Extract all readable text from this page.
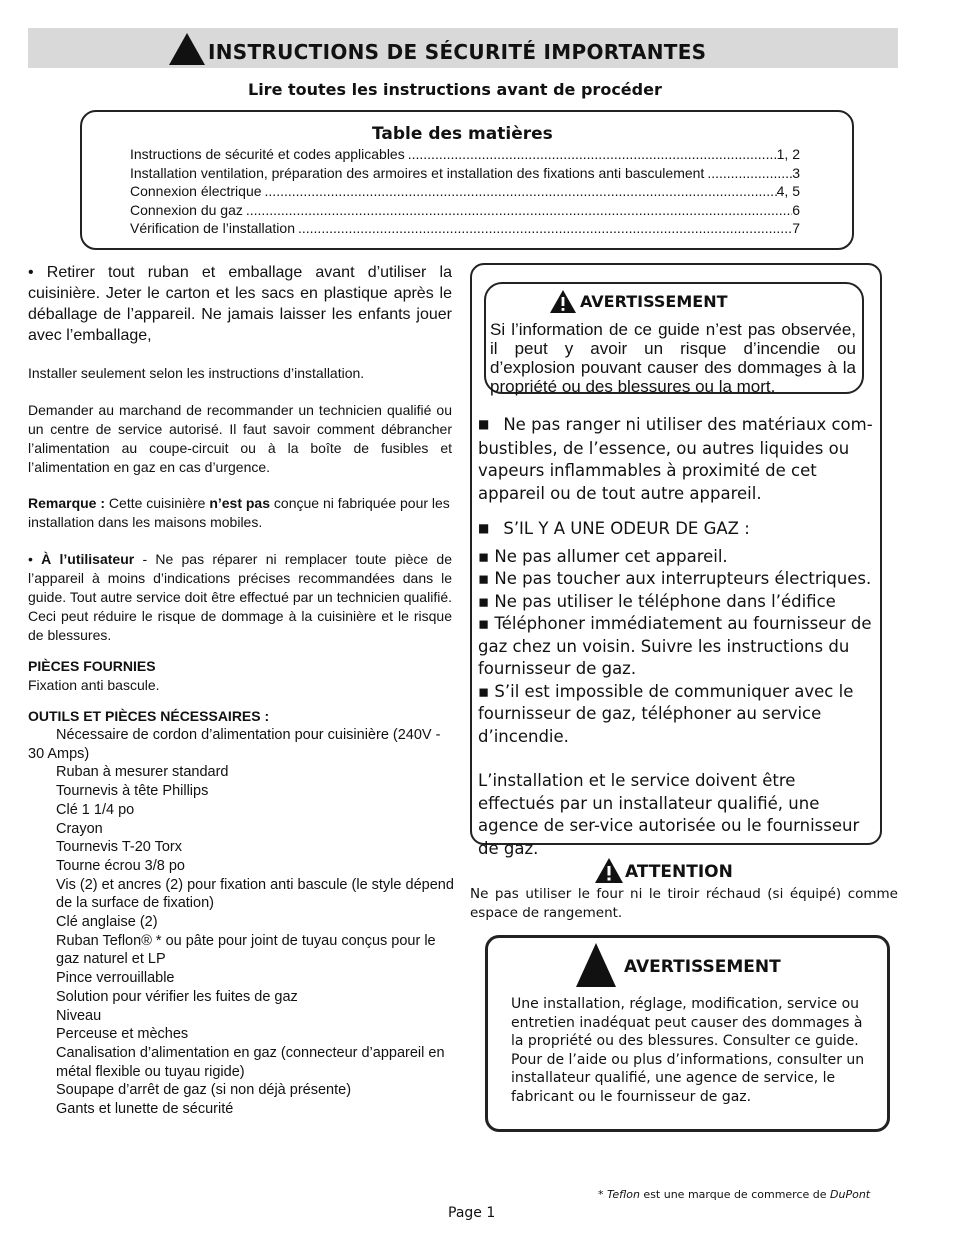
INSTRUCTIONS DE SÉCURITÉ IMPORTANTES
Lire toutes les instructions avant de procéder
Table des matières
Instructions de sécurité et codes applicables .....	1, 2
Installation ventilation, préparation des armoires et installation des fixations anti basculement .....	3
Connexion électrique .....	4, 5
Connexion du gaz .....	6
Vérification de l’installation .....	7
• Retirer tout ruban et emballage avant d’utiliser la cuisinière. Jeter le carton et les sacs en plastique après le déballage de l’appareil. Ne jamais laisser les enfants jouer avec l’emballage,
Installer seulement selon les instructions d’installation.
Demander au marchand de recommander un technicien qualifié ou un centre de service autorisé. Il faut savoir comment débrancher l’alimentation au coupe-circuit ou à la boîte de fusibles et l’alimentation en gaz en cas d’urgence.
Remarque : Cette cuisinière n’est pas conçue ni fabriquée pour les installation dans les maisons mobiles.
• À l’utilisateur - Ne pas réparer ni remplacer toute pièce de l’appareil à moins d’indications précises recommandées dans le guide. Tout autre service doit être effectué par un technicien qualifié. Ceci peut réduire le risque de dommage à la cuisinière et le risque de blessures.
PIÈCES FOURNIES
Fixation anti bascule.
OUTILS ET PIÈCES NÉCESSAIRES :
Nécessaire de cordon d’alimentation pour cuisinière (240V - 30 Amps)
Ruban à mesurer standard
Tournevis à tête Phillips
Clé 1 1/4 po
Crayon
Tournevis T-20 Torx
Tourne écrou 3/8 po
Vis (2) et ancres (2) pour fixation anti bascule (le style dépend de la surface de fixation)
Clé anglaise (2)
Ruban Teflon® * ou pâte pour joint de tuyau conçus pour le gaz naturel et LP
Pince verrouillable
Solution pour vérifier les fuites de gaz
Niveau
Perceuse et mèches
Canalisation d’alimentation en gaz (connecteur d’appareil en métal flexible ou tuyau rigide)
Soupape d’arrêt de gaz (si non déjà présente)
Gants et lunette de sécurité
AVERTISSEMENT
Si l’information de ce guide n’est pas observée, il peut y avoir un risque d’incendie ou d’explosion pouvant causer des dommages à la propriété ou des blessures ou la mort.

■ Ne pas ranger ni utiliser des matériaux com-bustibles, de l’essence, ou autres liquides ou vapeurs inflammables à proximité de cet appareil ou de tout autre appareil.

■ S’IL Y A UNE ODEUR DE GAZ :

▪ Ne pas allumer cet appareil.

▪ Ne pas toucher aux interrupteurs électriques.

▪ Ne pas utiliser le téléphone dans l’édifice

▪ Téléphoner immédiatement au fournisseur de gaz chez un voisin. Suivre les instructions du fournisseur de gaz.

▪ S’il est impossible de communiquer avec le fournisseur de gaz, téléphoner au service d’incendie.

L’installation et le service doivent être effectués par un installateur qualifié, une agence de ser-vice autorisée ou le fournisseur de gaz.

ATTENTION
Ne pas utiliser le four ni le tiroir réchaud (si équipé) comme espace de rangement.
AVERTISSEMENT
Une installation, réglage, modification, service ou entretien inadéquat peut causer des dommages à la propriété ou des blessures. Consulter ce guide. Pour de l’aide ou plus d’informations, consulter un installateur qualifié, une agence de service, le fabricant ou le fournisseur de gaz.
* Teflon est une marque de commerce de DuPont
Page 1
